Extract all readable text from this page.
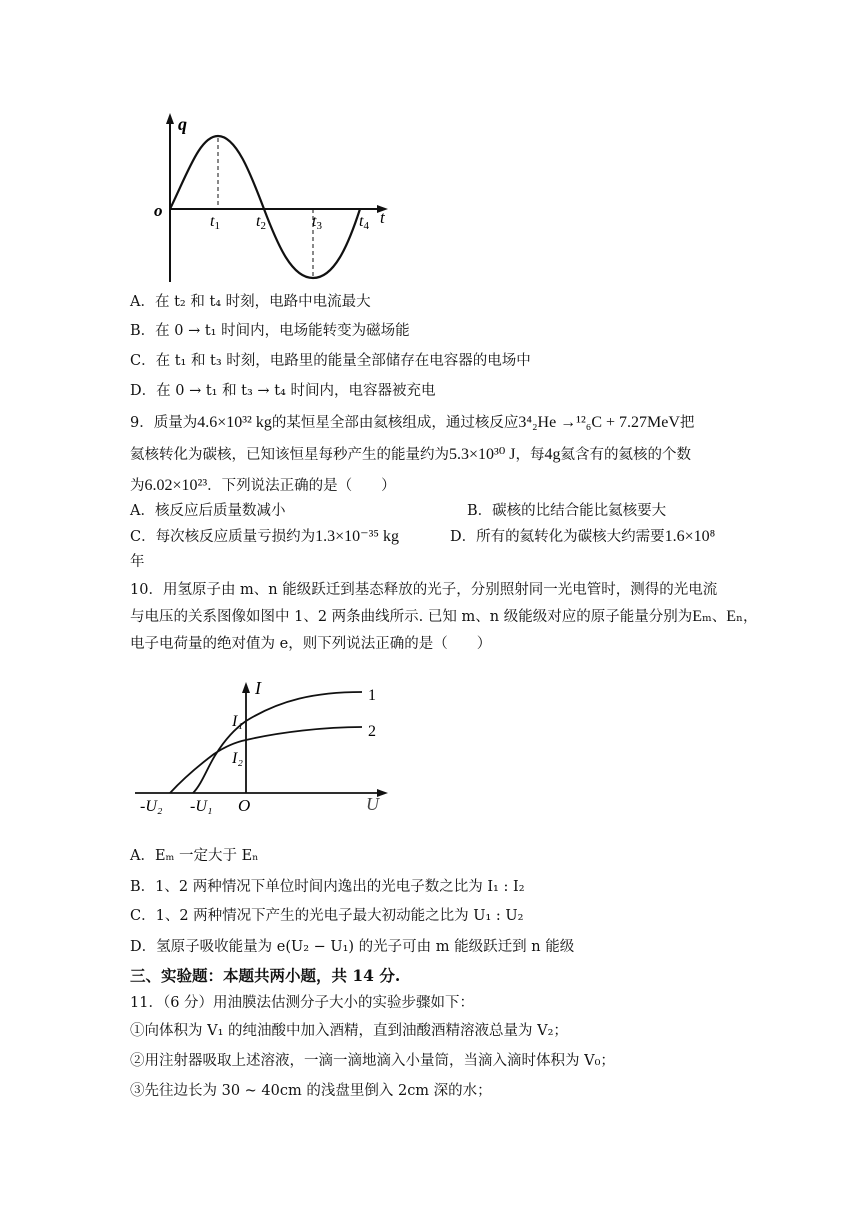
q
o	t
t1 t2	t3 t4
A．在 t₂ 和 t₄ 时刻，电路中电流最大
B．在 0 → t₁ 时间内，电场能转变为磁场能
C．在 t₁ 和 t₃ 时刻，电路里的能量全部储存在电容器的电场中
D．在 0 → t₁ 和 t₃ → t₄ 时间内，电容器被充电
9．质量为4.6×10³² kg的某恒星全部由氦核组成，通过核反应3⁴₂He →¹²₆C + 7.27MeV把
氦核转化为碳核，已知该恒星每秒产生的能量约为5.3×10³⁰ J，每4g氦含有的氦核的个数
为6.02×10²³．下列说法正确的是（　　）
A．核反应后质量数减小	B．碳核的比结合能比氦核要大
C．每次核反应质量亏损约为1.3×10⁻³⁵ kg	D．所有的氦转化为碳核大约需要1.6×10⁸
年
10．用氢原子由 m、n 能级跃迁到基态释放的光子，分别照射同一光电管时，测得的光电流
与电压的关系图像如图中 1、2 两条曲线所示. 已知 m、n 级能级对应的原子能量分别为Eₘ、Eₙ，
电子电荷量的绝对值为 e，则下列说法正确的是（　　）
I
U
O
I₁
I₂
-U₂ -U₁
1
2
A．Eₘ 一定大于 Eₙ
B．1、2 两种情况下单位时间内逸出的光电子数之比为 I₁ : I₂
C．1、2 两种情况下产生的光电子最大初动能之比为 U₁ : U₂
D．氢原子吸收能量为 e(U₂ − U₁) 的光子可由 m 能级跃迁到 n 能级
三、实验题：本题共两小题，共 14 分.
11．（6 分）用油膜法估测分子大小的实验步骤如下：
①向体积为 V₁ 的纯油酸中加入酒精，直到油酸酒精溶液总量为 V₂；
②用注射器吸取上述溶液，一滴一滴地滴入小量筒，当滴入滴时体积为 V₀；
③先往边长为 30 ~ 40cm 的浅盘里倒入 2cm 深的水；
